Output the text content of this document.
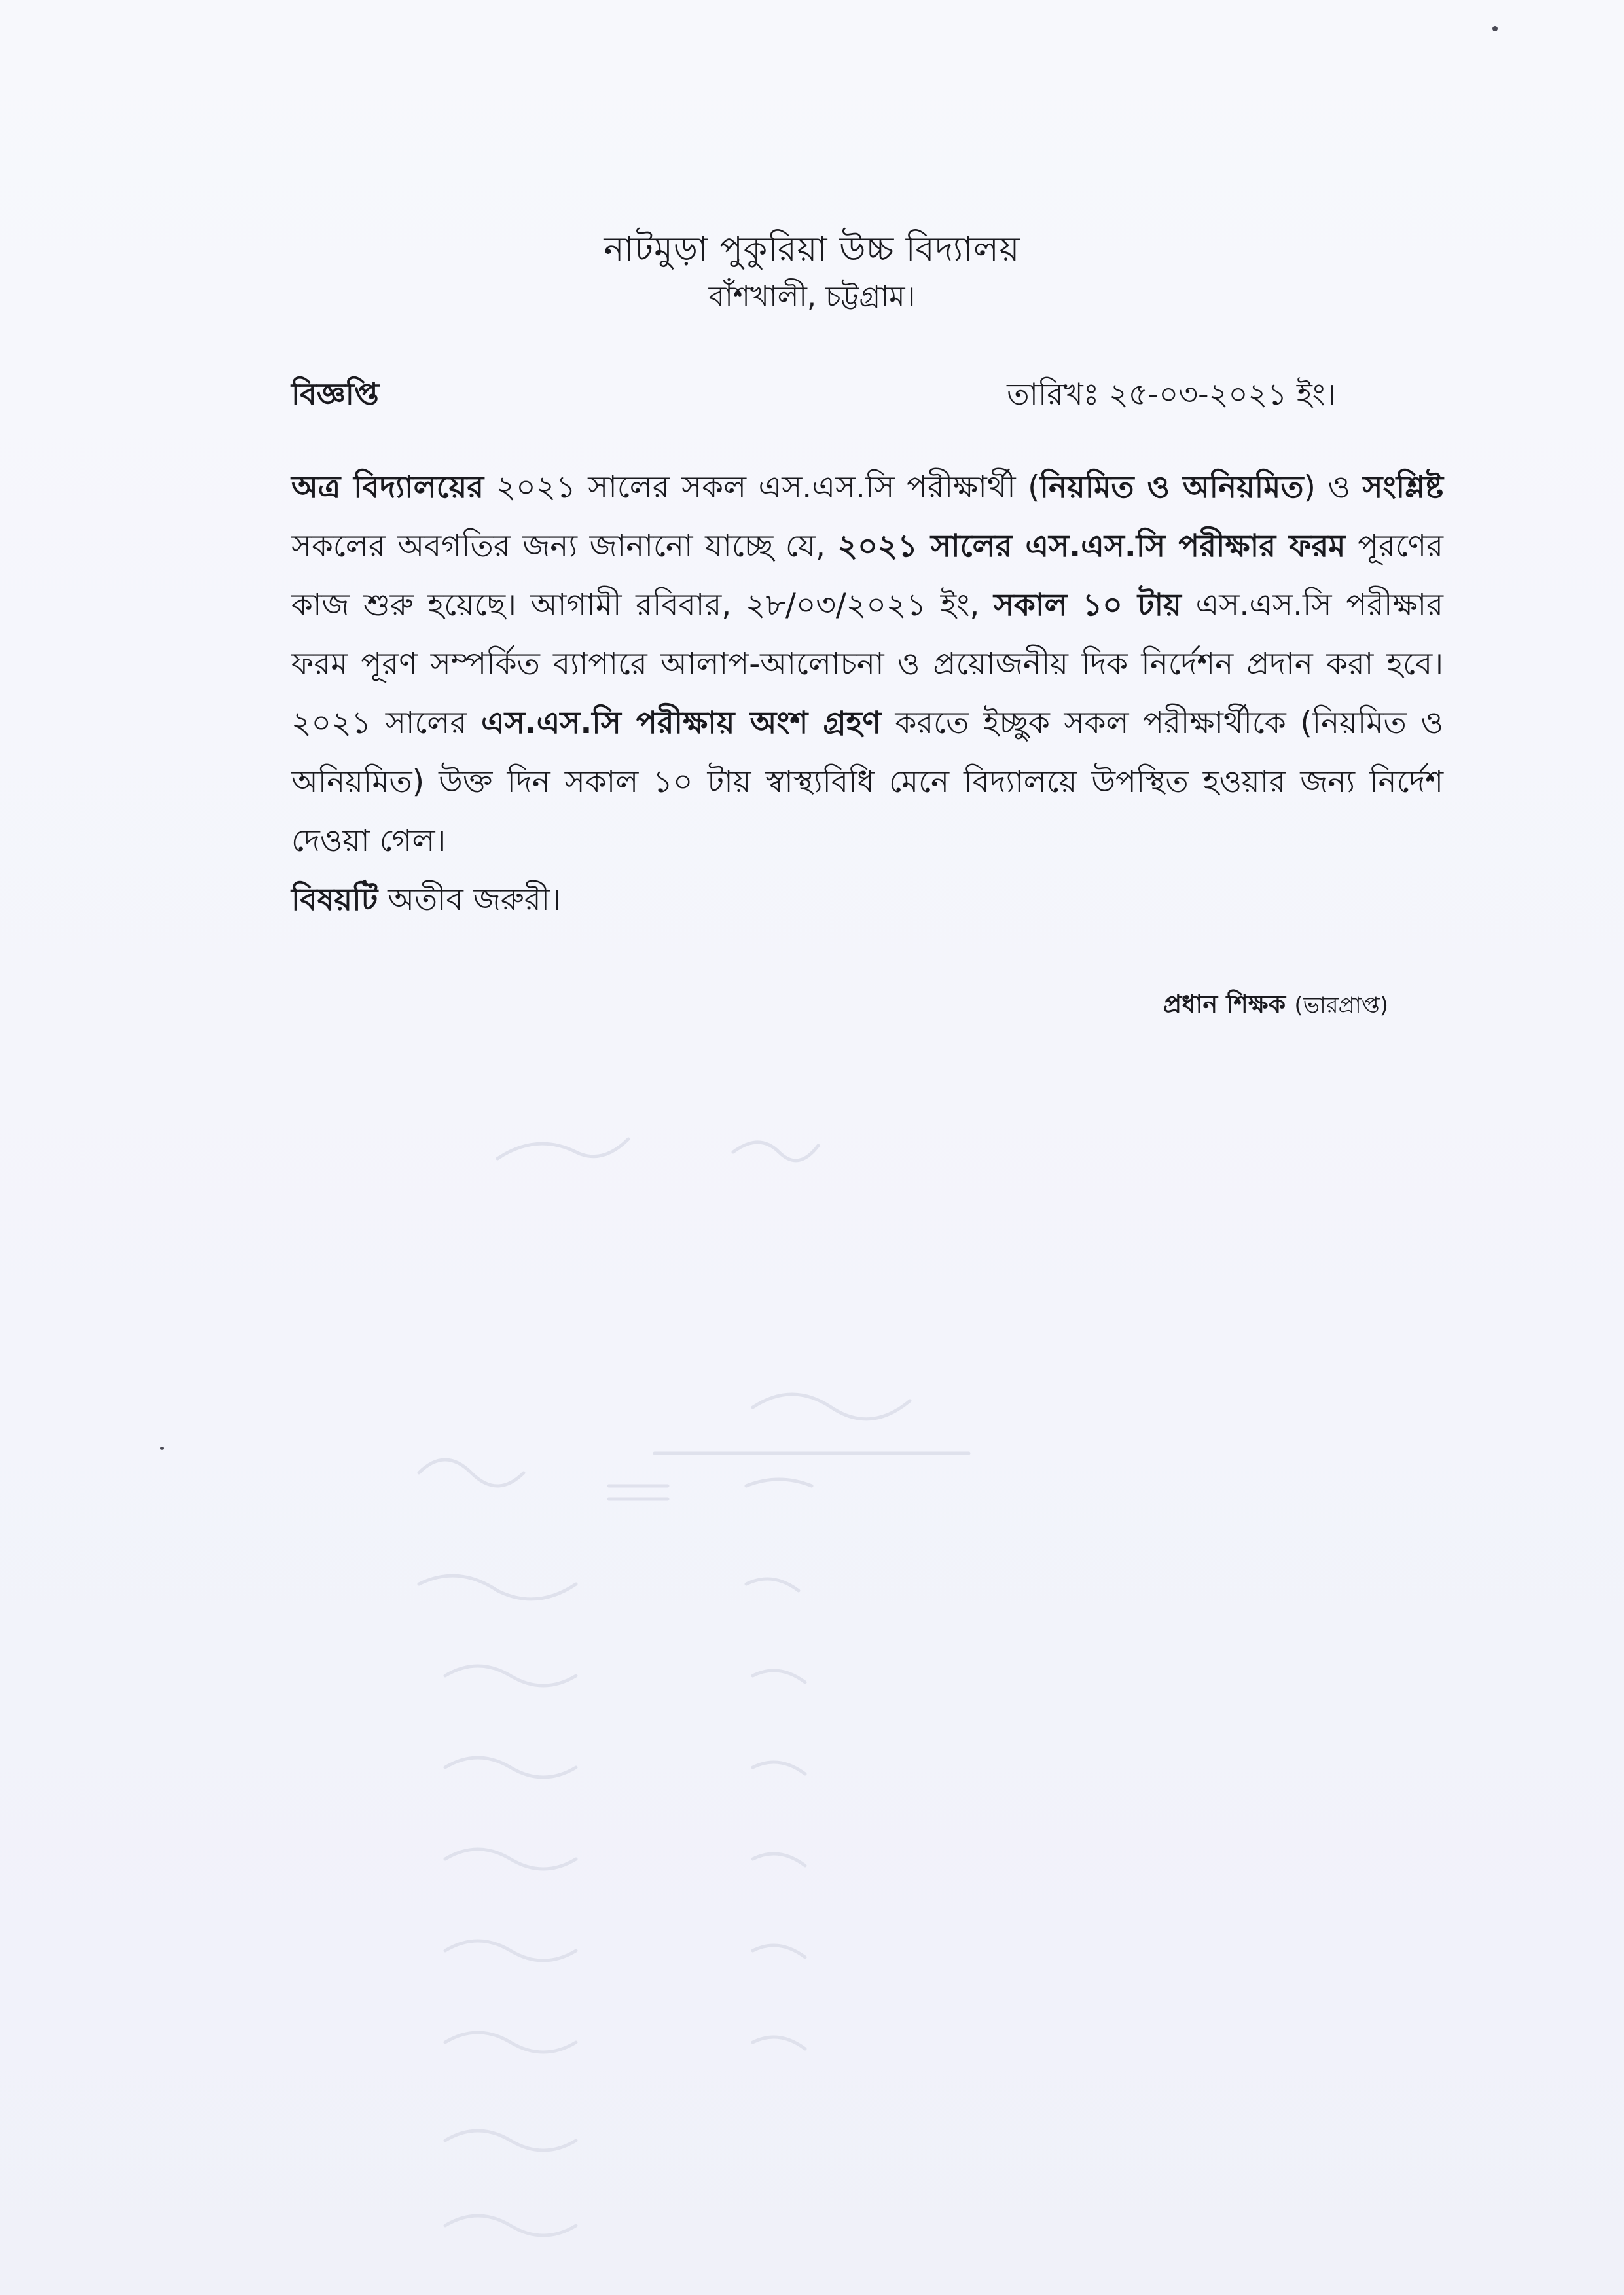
নাটমুড়া পুকুরিয়া উচ্চ বিদ্যালয়
বাঁশখালী, চট্টগ্রাম।
বিজ্ঞপ্তি	তারিখঃ ২৫-০৩-২০২১ ইং।
অত্র বিদ্যালয়ের ২০২১ সালের সকল এস.এস.সি পরীক্ষার্থী (নিয়মিত ও অনিয়মিত) ও সংশ্লিষ্ট সকলের অবগতির জন্য জানানো যাচ্ছে যে, ২০২১ সালের এস.এস.সি পরীক্ষার ফরম পূরণের কাজ শুরু হয়েছে। আগামী রবিবার, ২৮/০৩/২০২১ ইং, সকাল ১০ টায় এস.এস.সি পরীক্ষার ফরম পূরণ সম্পর্কিত ব্যাপারে আলাপ-আলোচনা ও প্রয়োজনীয় দিক নির্দেশন প্রদান করা হবে। ২০২১ সালের এস.এস.সি পরীক্ষায় অংশ গ্রহণ করতে ইচ্ছুক সকল পরীক্ষার্থীকে (নিয়মিত ও অনিয়মিত) উক্ত দিন সকাল ১০ টায় স্বাস্থ্যবিধি মেনে বিদ্যালয়ে উপস্থিত হওয়ার জন্য নির্দেশ দেওয়া গেল।
বিষয়টি অতীব জরুরী।
প্রধান শিক্ষক (ভারপ্রাপ্ত)
